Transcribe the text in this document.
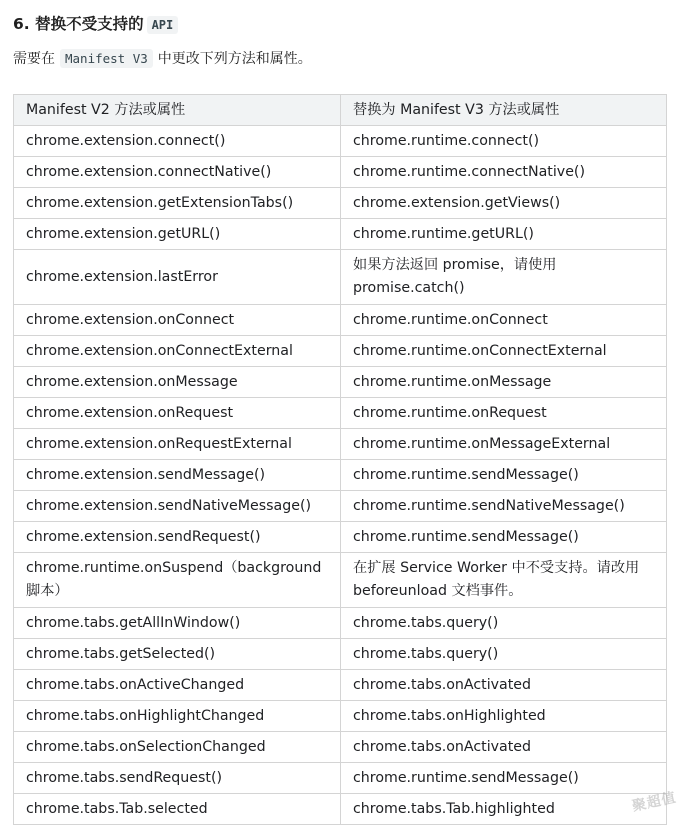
6. 替换不受支持的 API

需要在 Manifest V3 中更改下列方法和属性。

Manifest V2 方法或属性	替换为 Manifest V3 方法或属性
chrome.extension.connect()	chrome.runtime.connect()
chrome.extension.connectNative()	chrome.runtime.connectNative()
chrome.extension.getExtensionTabs()	chrome.extension.getViews()
chrome.extension.getURL()	chrome.runtime.getURL()
chrome.extension.lastError	如果方法返回 promise，请使用 promise.catch()
chrome.extension.onConnect	chrome.runtime.onConnect
chrome.extension.onConnectExternal	chrome.runtime.onConnectExternal
chrome.extension.onMessage	chrome.runtime.onMessage
chrome.extension.onRequest	chrome.runtime.onRequest
chrome.extension.onRequestExternal	chrome.runtime.onMessageExternal
chrome.extension.sendMessage()	chrome.runtime.sendMessage()
chrome.extension.sendNativeMessage()	chrome.runtime.sendNativeMessage()
chrome.extension.sendRequest()	chrome.runtime.sendMessage()
chrome.runtime.onSuspend（background 脚本）	在扩展 Service Worker 中不受支持。请改用 beforeunload 文档事件。
chrome.tabs.getAllInWindow()	chrome.tabs.query()
chrome.tabs.getSelected()	chrome.tabs.query()
chrome.tabs.onActiveChanged	chrome.tabs.onActivated
chrome.tabs.onHighlightChanged	chrome.tabs.onHighlighted
chrome.tabs.onSelectionChanged	chrome.tabs.onActivated
chrome.tabs.sendRequest()	chrome.runtime.sendMessage()
chrome.tabs.Tab.selected	chrome.tabs.Tab.highlighted	聚超值
